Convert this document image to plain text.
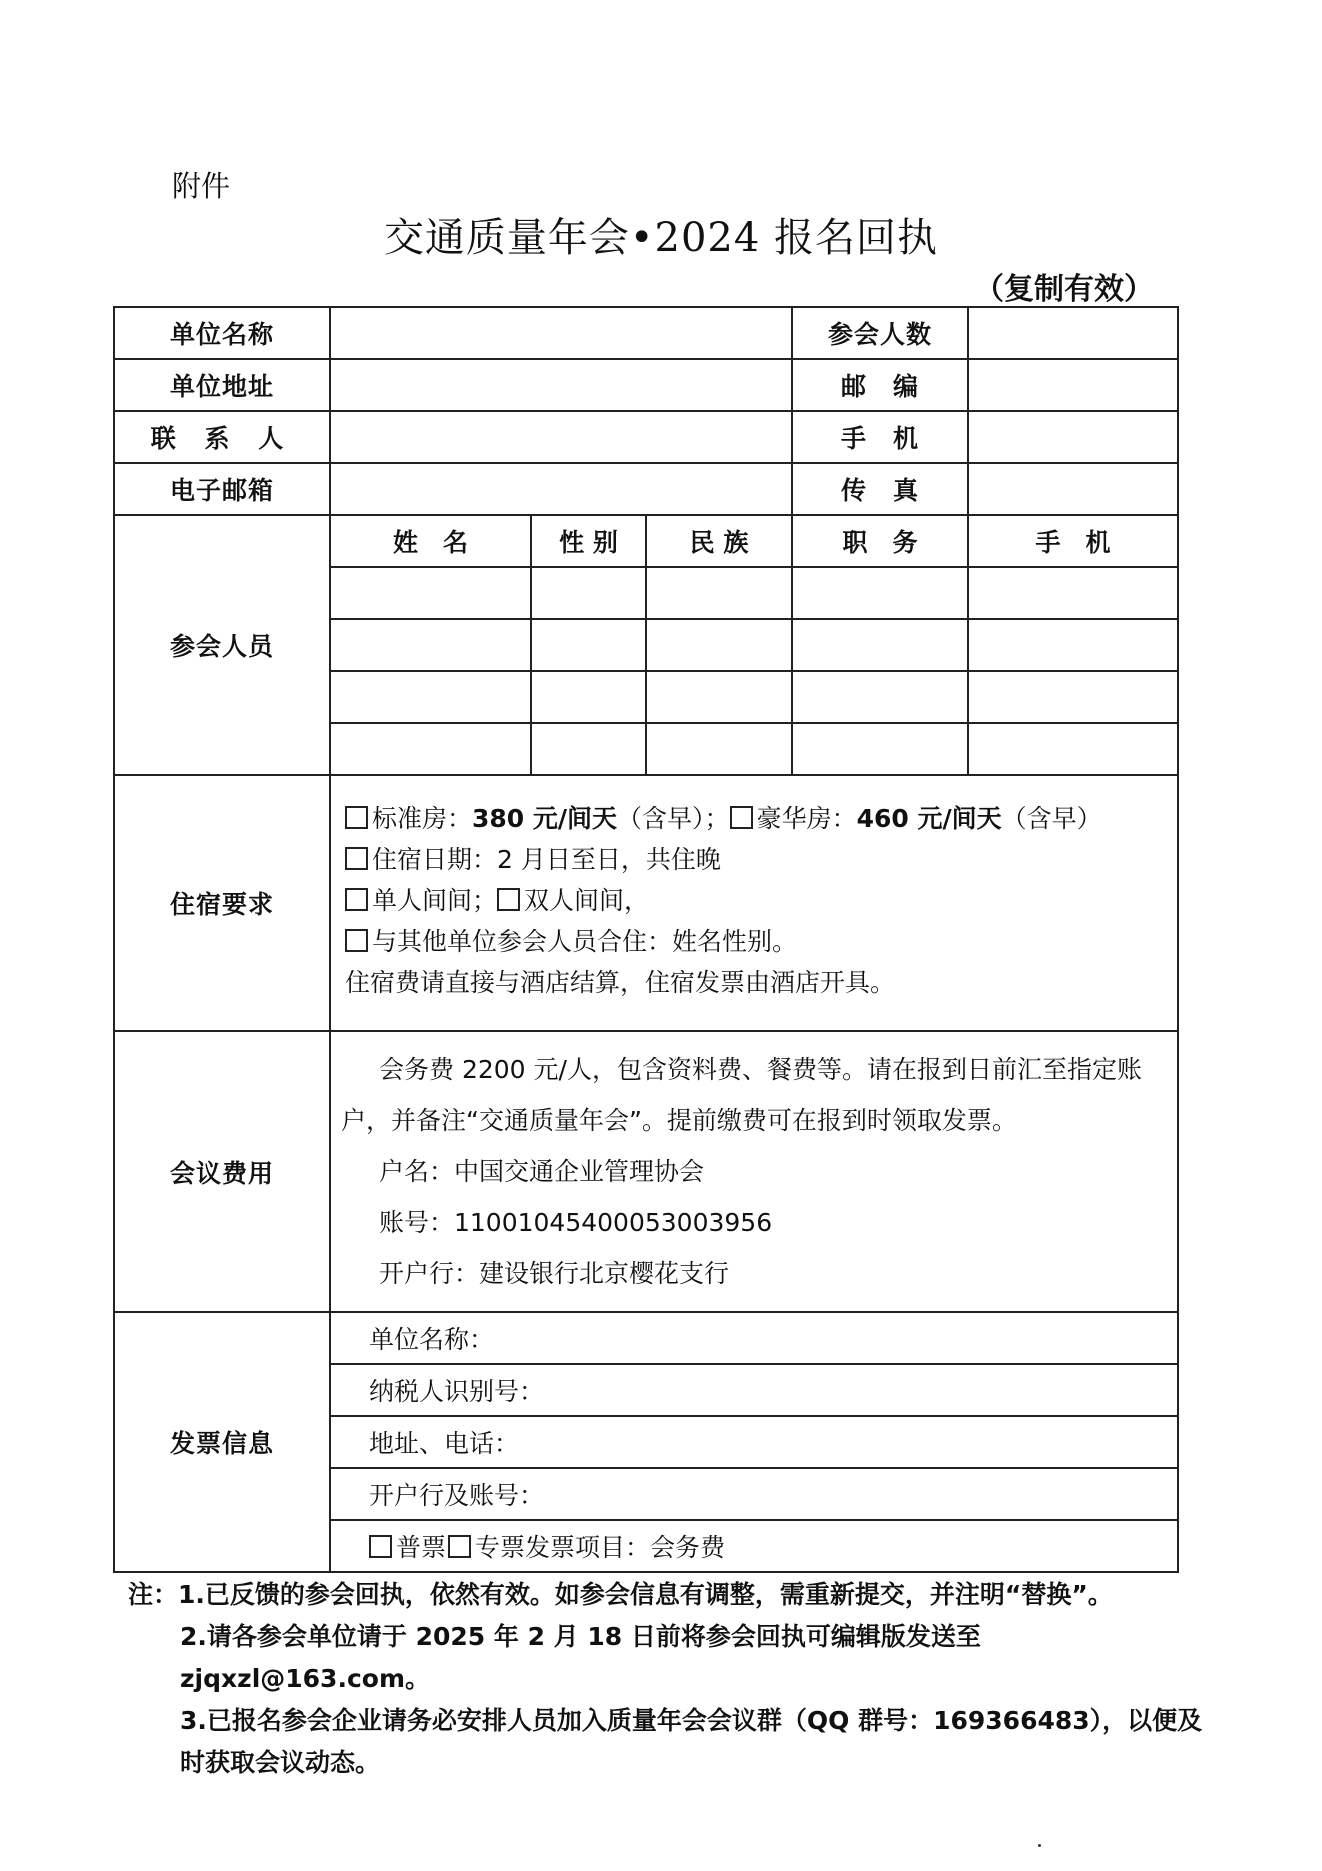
附件
交通质量年会•2024 报名回执
（复制有效）
单位名称				参会人数	
单位地址				邮　编	
联 系 人				手　机	
电子邮箱				传　真	
参会人员	姓　名	性 别	民 族	职　务	手　机

住宿要求	标准房：380 元/间天（含早）； 豪华房：460 元/间天（含早）
住宿日期：2 月日至日，共住晚
单人间间； 双人间间，
与其他单位参会人员合住：姓名性别。
住宿费请直接与酒店结算，住宿发票由酒店开具。				

会议费用	会务费 2200 元/人，包含资料费、餐费等。请在报到日前汇至指定账
户，并备注“交通质量年会”。提前缴费可在报到时领取发票。
户名：中国交通企业管理协会
账号：11001045400053003956
开户行：建设银行北京樱花支行				

发票信息	单位名称：				
	纳税人识别号：				
	地址、电话：				
	开户行及账号：				
	普票 专票发票项目：会务费				
注：1.已反馈的参会回执，依然有效。如参会信息有调整，需重新提交，并注明“替换”。
2.请各参会单位请于 2025 年 2 月 18 日前将参会回执可编辑版发送至 zjqxzl@163.com。
3.已报名参会企业请务必安排人员加入质量年会会议群（QQ 群号：169366483），以便及
时获取会议动态。
